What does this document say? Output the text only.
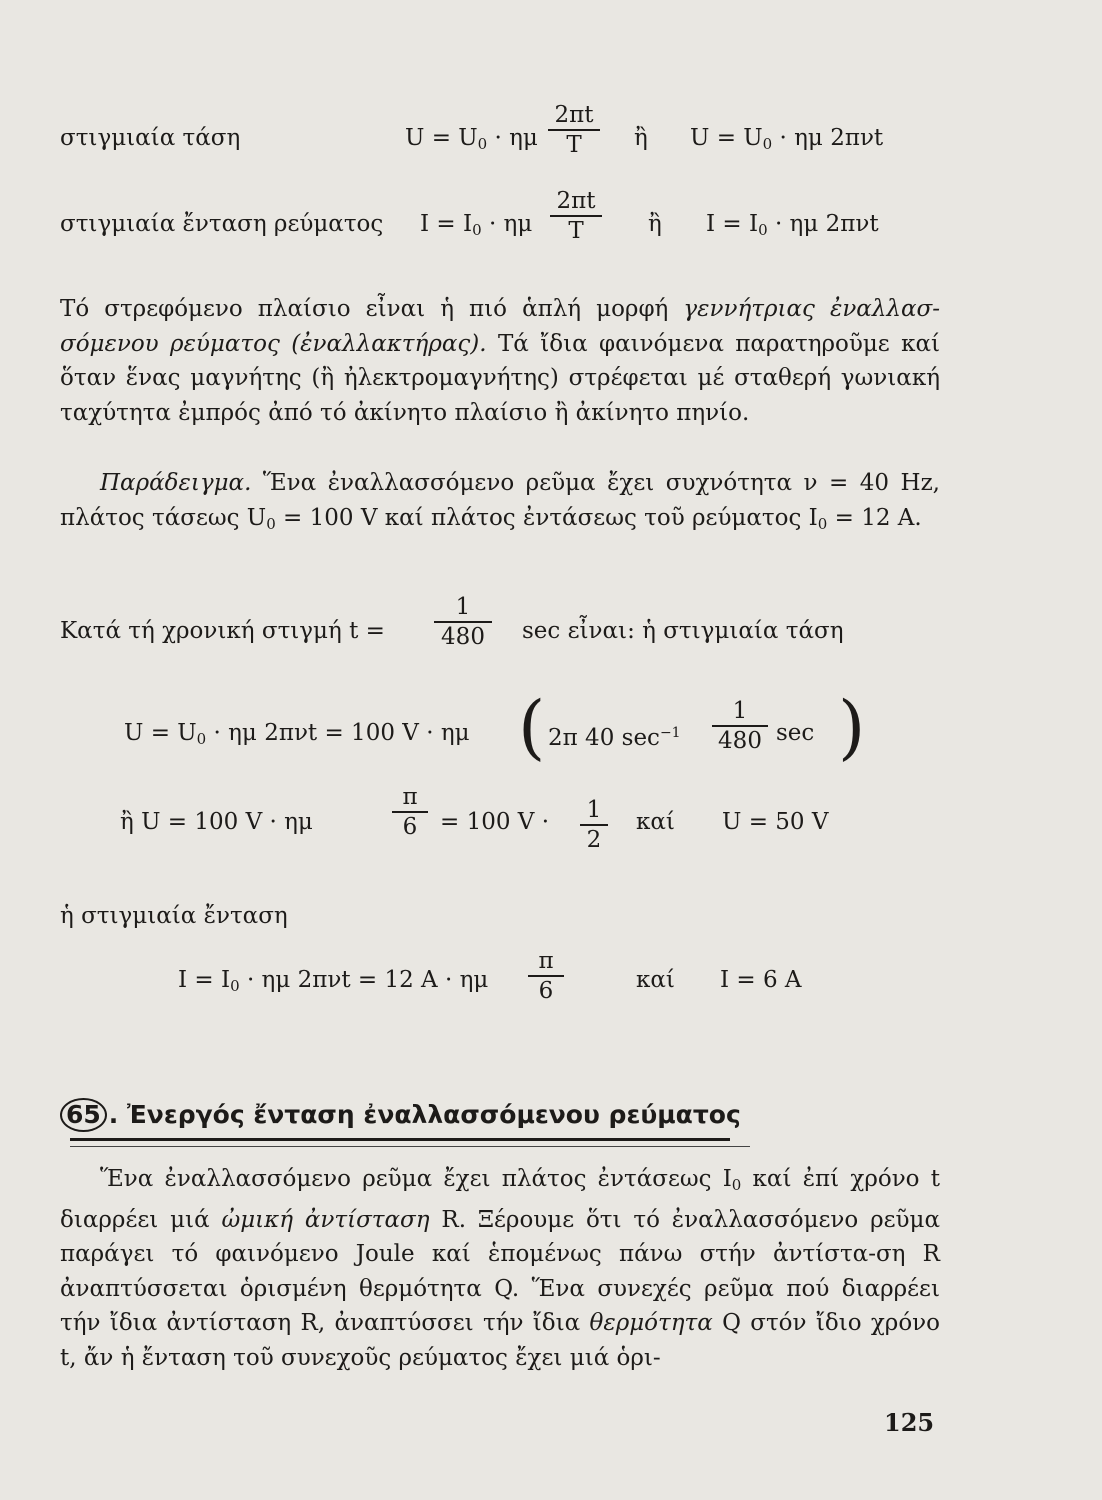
στιγμιαία τάση	$U = U_0 \cdot \eta\mu$
2πt
T	ἢ $U = U_0 \cdot \eta\mu$ 2πνt
στιγμιαία ἔνταση ρεύματος $I = I_0 \cdot \eta\mu$
2πt
T	ἢ $I = I_0 \cdot \eta\mu$ 2πνt

Τό στρεφόμενο πλαίσιο εἶναι ἡ πιό ἁπλή μορφή γεννήτριας ἐναλλασ-σόμενου ρεύματος (ἐναλλακτήρας). Τά ἴδια φαινόμενα παρατηροῦμε καί ὅταν ἕνας μαγνήτης (ἢ ἠλεκτρομαγνήτης) στρέφεται μέ σταθερή γωνιακή ταχύτητα ἐμπρός ἀπό τό ἀκίνητο πλαίσιο ἢ ἀκίνητο πηνίο.

Παράδειγμα. Ἕνα ἐναλλασσόμενο ρεῦμα ἔχει συχνότητα ν = 40 Hz, πλάτος τάσεως $U_0 = 100$ V καί πλάτος ἐντάσεως τοῦ ρεύματος $I_0 = 12$ A.

Κατά τή χρονική στιγμή t =
1
480	sec εἶναι: ἡ στιγμιαία τάση
$U = U_0 \cdot \eta\mu$ 2πνt = 100 V · ημ ( 2π 40 $\sec^{-1}$
1
480 sec )
ἢ U = 100 V · ημ
π
6 = 100 V · 1
2
καί U = 50 V
ἡ στιγμιαία ἔνταση
$I = I_0 \cdot \eta\mu$ 2πνt = 12 A · ημ
π
6	καί I = 6 A
65 . Ἐνεργός ἔνταση ἐναλλασσόμενου ρεύματος

Ἕνα ἐναλλασσόμενο ρεῦμα ἔχει πλάτος ἐντάσεως $I_0$ καί ἐπί χρόνο t διαρρέει μιά ὠμική ἀντίσταση R. Ξέρουμε ὅτι τό ἐναλλασσόμενο ρεῦμα παράγει τό φαινόμενο Joule καί ἑπομένως πάνω στήν ἀντίστα-ση R ἀναπτύσσεται ὁρισμένη θερμότητα Q. Ἕνα συνεχές ρεῦμα πού διαρρέει τήν ἴδια ἀντίσταση R, ἀναπτύσσει τήν ἴδια θερμότητα Q στόν ἴδιο χρόνο t, ἄν ἡ ἔνταση τοῦ συνεχοῦς ρεύματος ἔχει μιά ὁρι-

125
